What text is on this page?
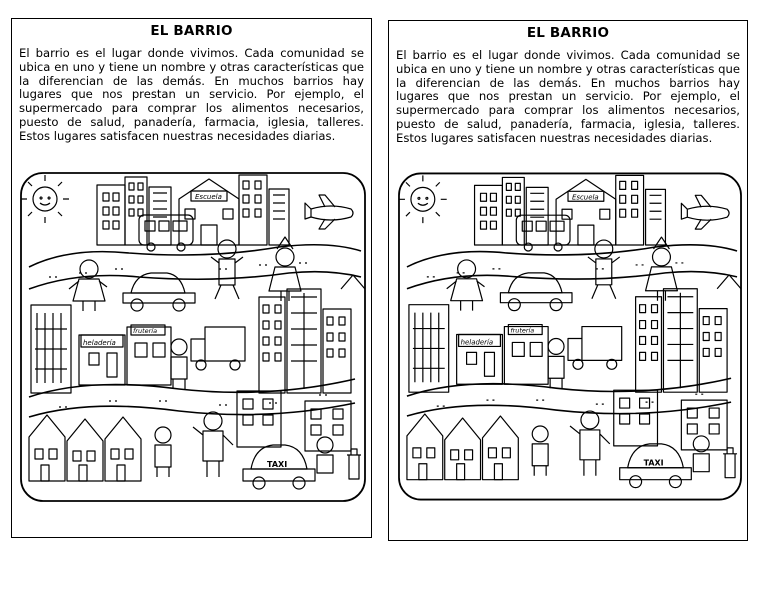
EL BARRIO
El barrio es el lugar donde vivimos. Cada comunidad se ubica en uno y tiene un nombre y otras características que la diferencian de las demás. En muchos barrios hay lugares que nos prestan un servicio. Por ejemplo, el supermercado para comprar los alimentos necesarios, puesto de salud, panadería, farmacia, iglesia, talleres. Estos lugares satisfacen nuestras necesidades diarias.
Escuela
heladería
frutería
TAXI
EL BARRIO
El barrio es el lugar donde vivimos. Cada comunidad se ubica en uno y tiene un nombre y otras características que la diferencian de las demás. En muchos barrios hay lugares que nos prestan un servicio. Por ejemplo, el supermercado para comprar los alimentos necesarios, puesto de salud, panadería, farmacia, iglesia, talleres. Estos lugares satisfacen nuestras necesidades diarias.
Escuela
heladería
frutería
TAXI
